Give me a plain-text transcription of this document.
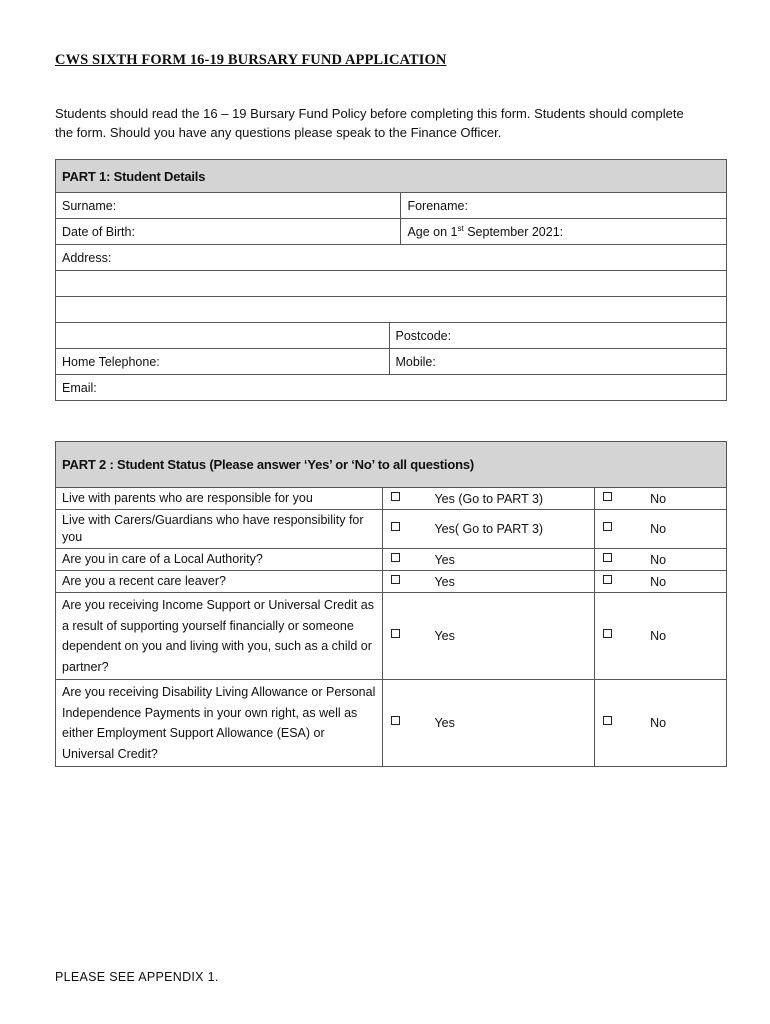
CWS SIXTH FORM 16-19 BURSARY FUND APPLICATION

Students should read the 16 – 19 Bursary Fund Policy before completing this form. Students should complete the form. Should you have any questions please speak to the Finance Officer.

PART 1: Student Details		
Surname:		Forename:
Date of Birth:		Age on 1st September 2021:
Address:		

	Postcode:	
Home Telephone:	Mobile:	
Email:		
PART 2 : Student Status (Please answer ‘Yes’ or ‘No’ to all questions)		
Live with parents who are responsible for you	Yes (Go to PART 3)	No
Live with Carers/Guardians who have responsibility for you	Yes( Go to PART 3)	No
Are you in care of a Local Authority?	Yes	No
Are you a recent care leaver?	Yes	No
Are you receiving Income Support or Universal Credit as a result of supporting yourself financially or someone dependent on you and living with you, such as a child or partner?	Yes	No
Are you receiving Disability Living Allowance or Personal Independence Payments in your own right, as well as either Employment Support Allowance (ESA) or Universal Credit?	Yes	No

PLEASE SEE APPENDIX 1.
